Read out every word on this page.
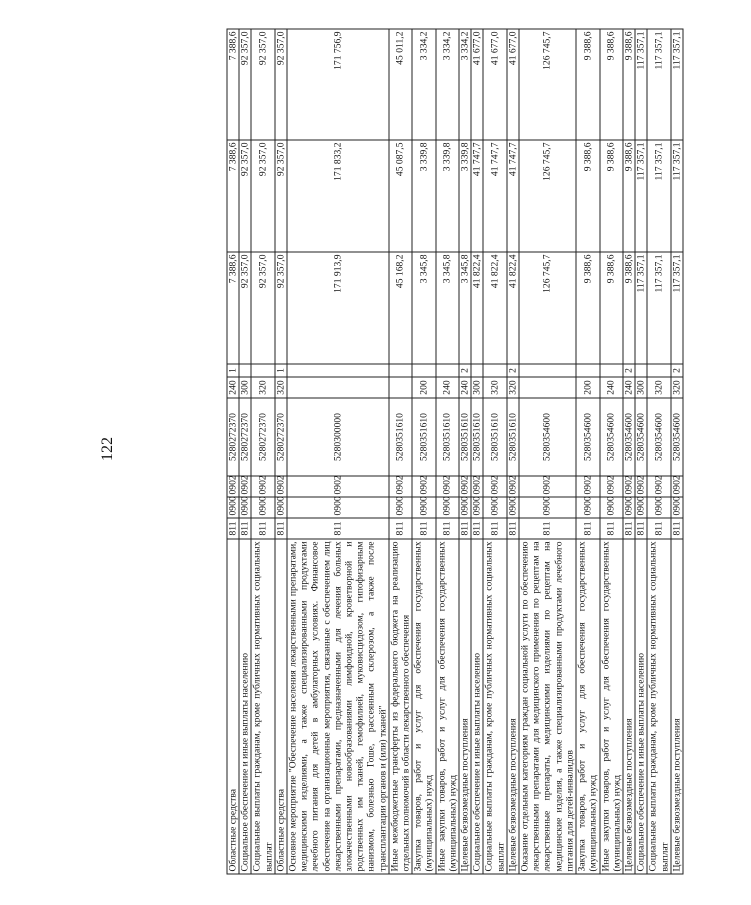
122
Областные средства	811	0900	0902	5280272370	240	1	7 388,6	7 388,6	7 388,6
Социальное обеспечение и иные выплаты населению	811	0900	0902	5280272370	300		92 357,0	92 357,0	92 357,0
Социальные выплаты гражданам, кроме публичных нормативных социальных выплат	811	0900	0902	5280272370	320		92 357,0	92 357,0	92 357,0
Областные средства	811	0900	0902	5280272370	320	1	92 357,0	92 357,0	92 357,0
Основное мероприятие "Обеспечение населения лекарственными препаратами, медицинскими изделиями, а также специализированными продуктами лечебного питания для детей в амбулаторных условиях. Финансовое обеспечение на организационные мероприятия, связанные с обеспечением лиц лекарственными препаратами, предназначенными для лечения больных злокачественными новообразованиями лимфоидной, кроветворной и родственных им тканей, гемофилией, муковисцидозом, гипофизарным нанизмом, болезнью Гоше, рассеянным склерозом, а также после трансплантации органов и (или) тканей"	811	0900	0902	5280300000			171 913,9	171 833,2	171 756,9
Иные межбюджетные трансферты из федерального бюджета на реализацию отдельных полномочий в области лекарственного обеспечения	811	0900	0902	5280351610			45 168,2	45 087,5	45 011,2
Закупка товаров, работ и услуг для обеспечения государственных (муниципальных) нужд	811	0900	0902	5280351610	200		3 345,8	3 339,8	3 334,2
Иные закупки товаров, работ и услуг для обеспечения государственных (муниципальных) нужд	811	0900	0902	5280351610	240		3 345,8	3 339,8	3 334,2
Целевые безвозмездные поступления	811	0900	0902	5280351610	240	2	3 345,8	3 339,8	3 334,2
Социальное обеспечение и иные выплаты населению	811	0900	0902	5280351610	300		41 822,4	41 747,7	41 677,0
Социальные выплаты гражданам, кроме публичных нормативных социальных выплат	811	0900	0902	5280351610	320		41 822,4	41 747,7	41 677,0
Целевые безвозмездные поступления	811	0900	0902	5280351610	320	2	41 822,4	41 747,7	41 677,0
Оказание отдельным категориям граждан социальной услуги по обеспечению лекарственными препаратами для медицинского применения по рецептам на лекарственные препараты, медицинскими изделиями по рецептам на медицинские изделия, а также специализированными продуктами лечебного питания для детей-инвалидов	811	0900	0902	5280354600			126 745,7	126 745,7	126 745,7
Закупка товаров, работ и услуг для обеспечения государственных (муниципальных) нужд	811	0900	0902	5280354600	200		9 388,6	9 388,6	9 388,6
Иные закупки товаров, работ и услуг для обеспечения государственных (муниципальных) нужд	811	0900	0902	5280354600	240		9 388,6	9 388,6	9 388,6
Целевые безвозмездные поступления	811	0900	0902	5280354600	240	2	9 388,6	9 388,6	9 388,6
Социальное обеспечение и иные выплаты населению	811	0900	0902	5280354600	300		117 357,1	117 357,1	117 357,1
Социальные выплаты гражданам, кроме публичных нормативных социальных выплат	811	0900	0902	5280354600	320		117 357,1	117 357,1	117 357,1
Целевые безвозмездные поступления	811	0900	0902	5280354600	320	2	117 357,1	117 357,1	117 357,1
